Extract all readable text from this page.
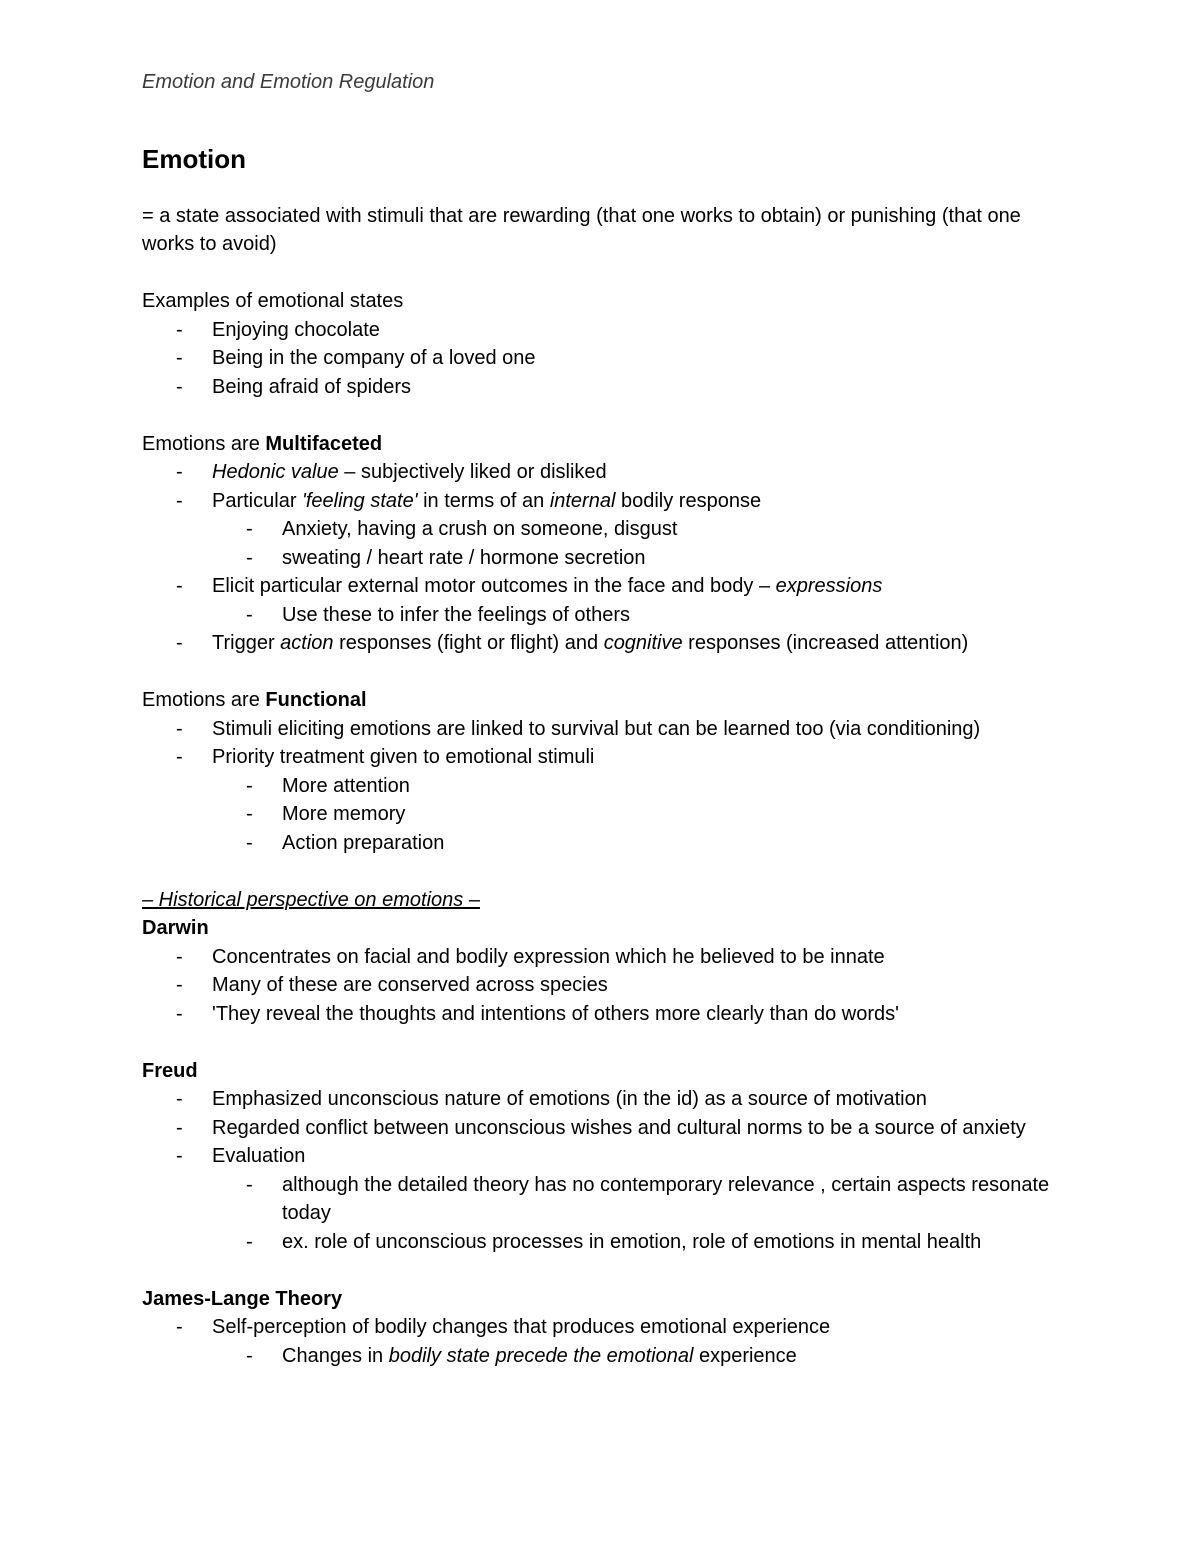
Emotion and Emotion Regulation

Emotion

= a state associated with stimuli that are rewarding (that one works to obtain) or punishing (that one works to avoid)

Examples of emotional states

- Enjoying chocolate
- Being in the company of a loved one
- Being afraid of spiders

Emotions are Multifaceted

- Hedonic value – subjectively liked or disliked
- Particular 'feeling state' in terms of an internal bodily response
- Anxiety, having a crush on someone, disgust
- sweating / heart rate / hormone secretion
- Elicit particular external motor outcomes in the face and body – expressions
- Use these to infer the feelings of others
- Trigger action responses (fight or flight) and cognitive responses (increased attention)

Emotions are Functional

- Stimuli eliciting emotions are linked to survival but can be learned too (via conditioning)
- Priority treatment given to emotional stimuli
- More attention
- More memory
- Action preparation

– Historical perspective on emotions –

Darwin

- Concentrates on facial and bodily expression which he believed to be innate
- Many of these are conserved across species
- 'They reveal the thoughts and intentions of others more clearly than do words'

Freud

- Emphasized unconscious nature of emotions (in the id) as a source of motivation
- Regarded conflict between unconscious wishes and cultural norms to be a source of anxiety
- Evaluation
- although the detailed theory has no contemporary relevance , certain aspects resonate today
- ex. role of unconscious processes in emotion, role of emotions in mental health

James-Lange Theory

- Self-perception of bodily changes that produces emotional experience
- Changes in bodily state precede the emotional experience
